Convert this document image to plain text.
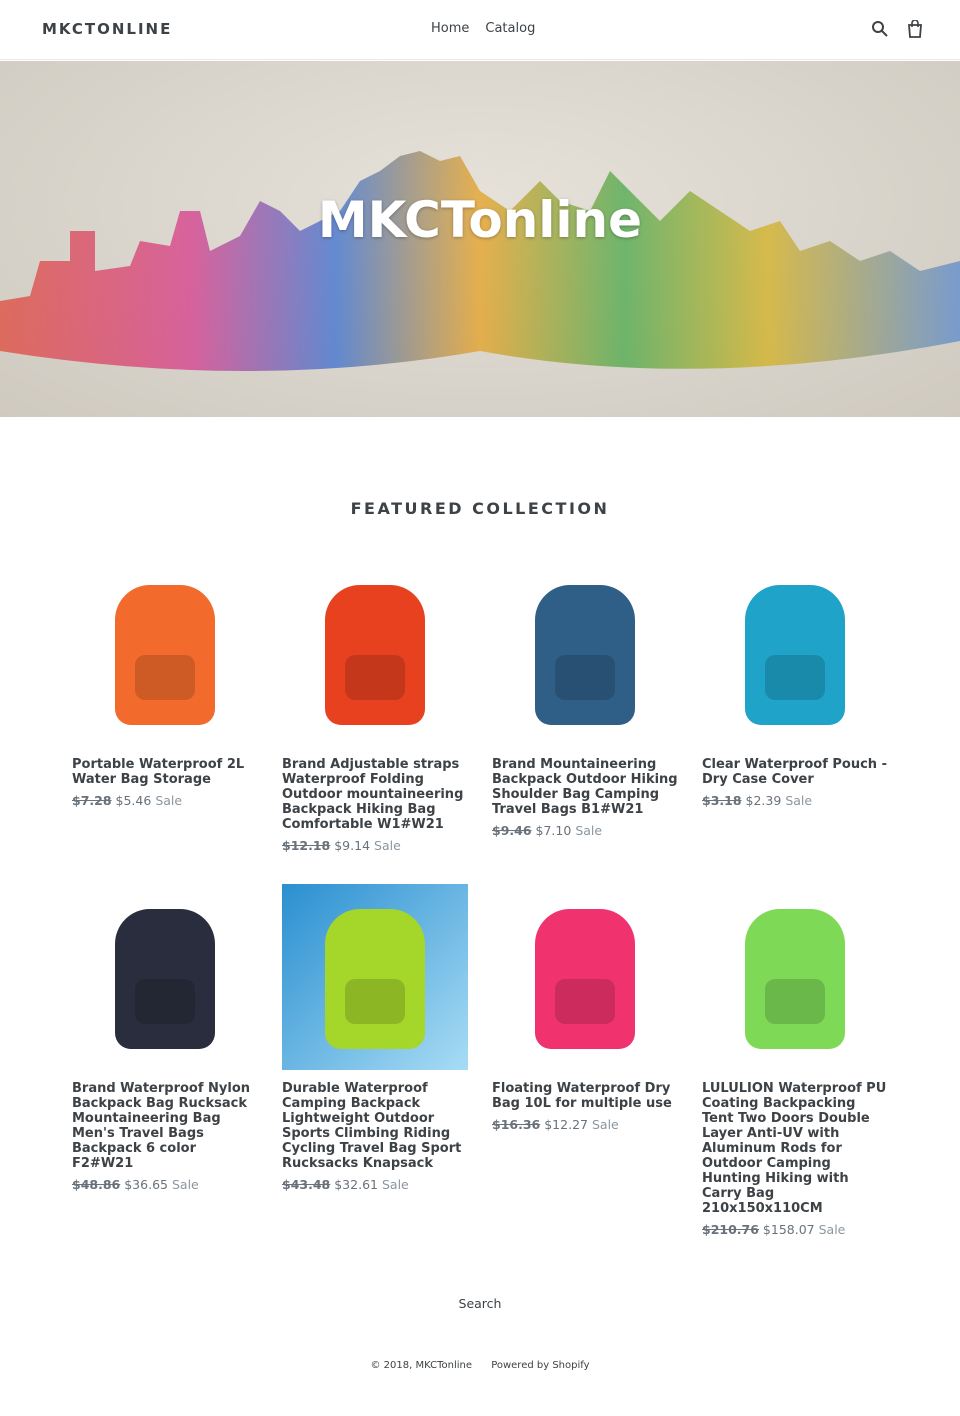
MKCTONLINE	Home Catalog
MKCTonline
FEATURED COLLECTION
Portable Waterproof 2L Water Bag Storage
$7.28 $5.46 Sale
Brand Adjustable straps Waterproof Folding Outdoor mountaineering Backpack Hiking Bag Comfortable W1#W21
$12.18 $9.14 Sale
Brand Mountaineering Backpack Outdoor Hiking Shoulder Bag Camping Travel Bags B1#W21
$9.46 $7.10 Sale
Clear Waterproof Pouch - Dry Case Cover
$3.18 $2.39 Sale
Brand Waterproof Nylon Backpack Bag Rucksack Mountaineering Bag Men's Travel Bags Backpack 6 color F2#W21
$48.86 $36.65 Sale
Durable Waterproof Camping Backpack Lightweight Outdoor Sports Climbing Riding Cycling Travel Bag Sport Rucksacks Knapsack
$43.48 $32.61 Sale
Floating Waterproof Dry Bag 10L for multiple use
$16.36 $12.27 Sale
LULULION Waterproof PU Coating Backpacking Tent Two Doors Double Layer Anti-UV with Aluminum Rods for Outdoor Camping Hunting Hiking with Carry Bag 210x150x110CM
$210.76 $158.07 Sale
Search
© 2018, MKCTonline Powered by Shopify
